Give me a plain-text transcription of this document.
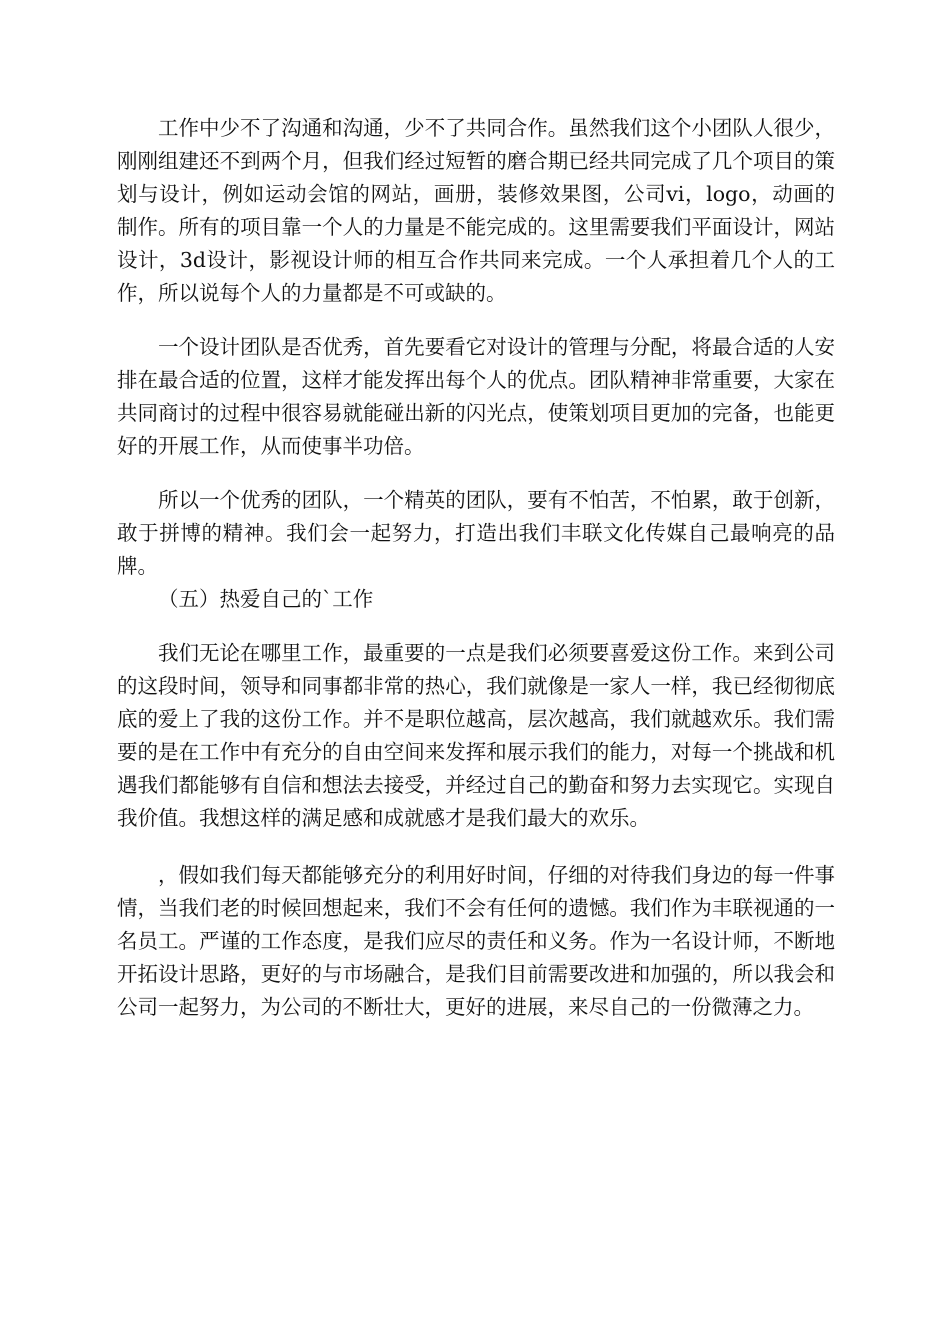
工作中少不了沟通和沟通，少不了共同合作。虽然我们这个小团队人很少，刚刚组建还不到两个月，但我们经过短暂的磨合期已经共同完成了几个项目的策划与设计，例如运动会馆的网站，画册，装修效果图，公司vi，logo，动画的制作。所有的项目靠一个人的力量是不能完成的。这里需要我们平面设计，网站设计，3d设计，影视设计师的相互合作共同来完成。一个人承担着几个人的工作，所以说每个人的力量都是不可或缺的。

一个设计团队是否优秀，首先要看它对设计的管理与分配，将最合适的人安排在最合适的位置，这样才能发挥出每个人的优点。团队精神非常重要，大家在共同商讨的过程中很容易就能碰出新的闪光点，使策划项目更加的完备，也能更好的开展工作，从而使事半功倍。

所以一个优秀的团队，一个精英的团队，要有不怕苦，不怕累，敢于创新，敢于拼博的精神。我们会一起努力，打造出我们丰联文化传媒自己最响亮的品牌。

（五）热爱自己的`工作

我们无论在哪里工作，最重要的一点是我们必须要喜爱这份工作。来到公司的这段时间，领导和同事都非常的热心，我们就像是一家人一样，我已经彻彻底底的爱上了我的这份工作。并不是职位越高，层次越高，我们就越欢乐。我们需要的是在工作中有充分的自由空间来发挥和展示我们的能力，对每一个挑战和机遇我们都能够有自信和想法去接受，并经过自己的勤奋和努力去实现它。实现自我价值。我想这样的满足感和成就感才是我们最大的欢乐。

，假如我们每天都能够充分的利用好时间，仔细的对待我们身边的每一件事情，当我们老的时候回想起来，我们不会有任何的遗憾。我们作为丰联视通的一名员工。严谨的工作态度，是我们应尽的责任和义务。作为一名设计师，不断地开拓设计思路，更好的与市场融合，是我们目前需要改进和加强的，所以我会和公司一起努力，为公司的不断壮大，更好的进展，来尽自己的一份微薄之力。
